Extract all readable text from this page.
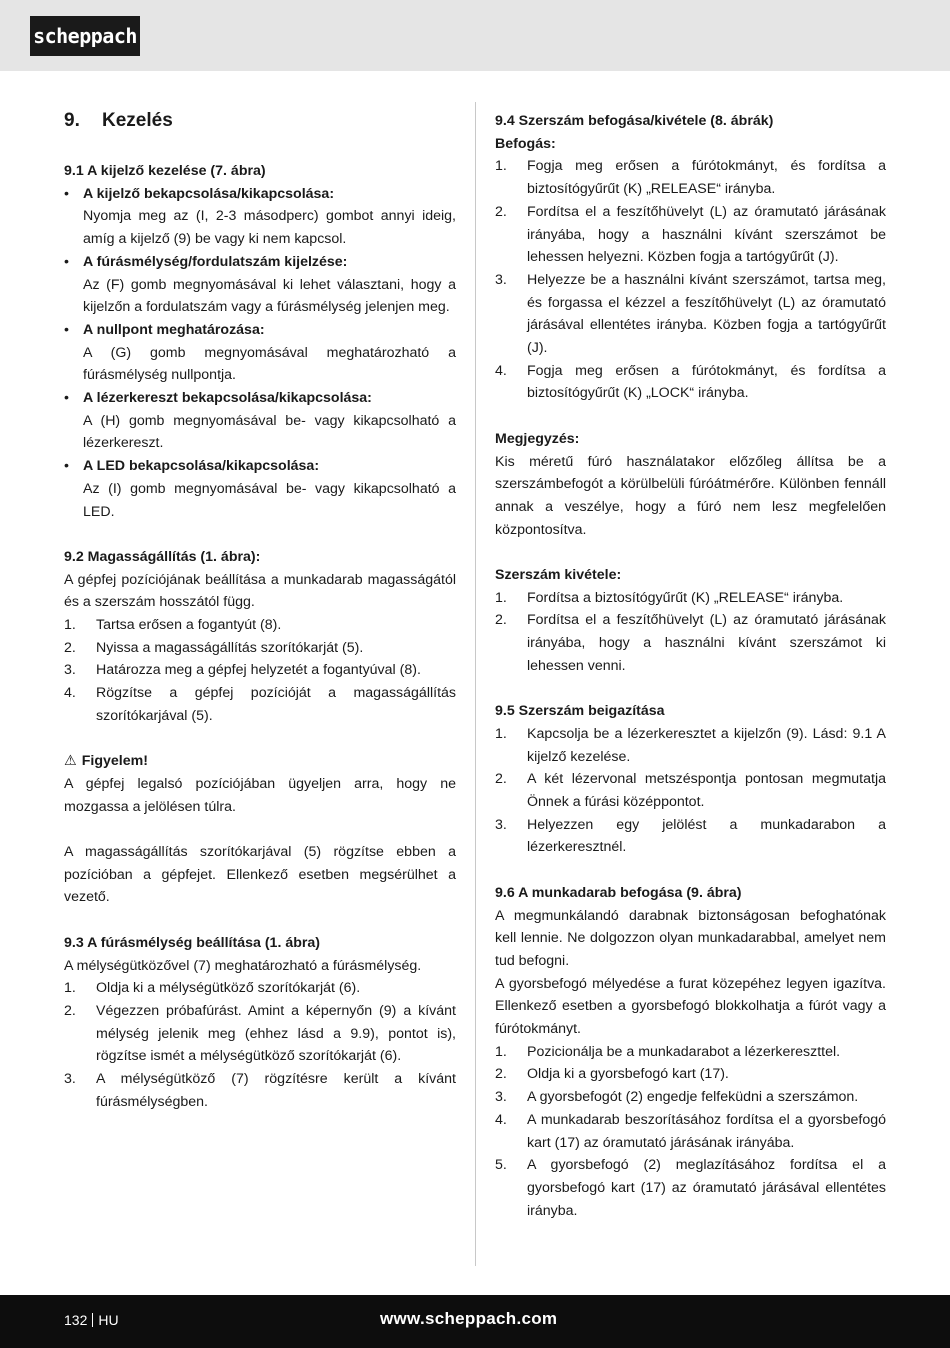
scheppach
9. Kezelés
9.1 A kijelző kezelése (7. ábra)
• A kijelző bekapcsolása/kikapcsolása:
Nyomja meg az (I, 2-3 másodperc) gombot annyi ideig, amíg a kijelző (9) be vagy ki nem kapcsol.
• A fúrásmélység/fordulatszám kijelzése:
Az (F) gomb megnyomásával ki lehet választani, hogy a kijelzőn a fordulatszám vagy a fúrásmélység jelenjen meg.
• A nullpont meghatározása:
A (G) gomb megnyomásával meghatározható a fúrásmélység nullpontja.
• A lézerkereszt bekapcsolása/kikapcsolása:
A (H) gomb megnyomásával be- vagy kikapcsolható a lézerkereszt.
• A LED bekapcsolása/kikapcsolása:
Az (I) gomb megnyomásával be- vagy kikapcsolható a LED.
9.2 Magasságállítás (1. ábra):

A gépfej pozíciójának beállítása a munkadarab magasságától és a szerszám hosszától függ.

1. Tartsa erősen a fogantyút (8).
2. Nyissa a magasságállítás szorítókarját (5).
3. Határozza meg a gépfej helyzetét a fogantyúval (8).
4. Rögzítse a gépfej pozícióját a magasságállítás szorítókarjával (5).
⚠ Figyelem!

A gépfej legalsó pozíciójában ügyeljen arra, hogy ne mozgassa a jelölésen túlra.

A magasságállítás szorítókarjával (5) rögzítse ebben a pozícióban a gépfejet. Ellenkező esetben megsérülhet a vezető.

9.3 A fúrásmélység beállítása (1. ábra)

A mélységütközővel (7) meghatározható a fúrásmélység.

1. Oldja ki a mélységütköző szorítókarját (6).
2. Végezzen próbafúrást. Amint a képernyőn (9) a kívánt mélység jelenik meg (ehhez lásd a 9.9), pontot is), rögzítse ismét a mélységütköző szorítókarját (6).
3. A mélységütköző (7) rögzítésre került a kívánt fúrásmélységben.
9.4 Szerszám befogása/kivétele (8. ábrák)
Befogás:
1. Fogja meg erősen a fúrótokmányt, és fordítsa a biztosítógyűrűt (K) „RELEASE“ irányba.
2. Fordítsa el a feszítőhüvelyt (L) az óramutató járásának irányába, hogy a használni kívánt szerszámot be lehessen helyezni. Közben fogja a tartógyűrűt (J).
3. Helyezze be a használni kívánt szerszámot, tartsa meg, és forgassa el kézzel a feszítőhüvelyt (L) az óramutató járásával ellentétes irányba. Közben fogja a tartógyűrűt (J).
4. Fogja meg erősen a fúrótokmányt, és fordítsa a biztosítógyűrűt (K) „LOCK“ irányba.
Megjegyzés:

Kis méretű fúró használatakor előzőleg állítsa be a szerszámbefogót a körülbelüli fúróátmérőre. Különben fennáll annak a veszélye, hogy a fúró nem lesz megfelelően központosítva.

Szerszám kivétele:
1. Fordítsa a biztosítógyűrűt (K) „RELEASE“ irányba.
2. Fordítsa el a feszítőhüvelyt (L) az óramutató járásának irányába, hogy a használni kívánt szerszámot ki lehessen venni.
9.5 Szerszám beigazítása
1. Kapcsolja be a lézerkeresztet a kijelzőn (9). Lásd: 9.1 A kijelző kezelése.
2. A két lézervonal metszéspontja pontosan megmutatja Önnek a fúrási középpontot.
3. Helyezzen egy jelölést a munkadarabon a lézerkeresztnél.
9.6 A munkadarab befogása (9. ábra)

A megmunkálandó darabnak biztonságosan befoghatónak kell lennie. Ne dolgozzon olyan munkadarabbal, amelyet nem tud befogni.

A gyorsbefogó mélyedése a furat közepéhez legyen igazítva. Ellenkező esetben a gyorsbefogó blokkolhatja a fúrót vagy a fúrótokmányt.

1. Pozicionálja be a munkadarabot a lézerkereszttel.
2. Oldja ki a gyorsbefogó kart (17).
3. A gyorsbefogót (2) engedje felfeküdni a szerszámon.
4. A munkadarab beszorításához fordítsa el a gyorsbefogó kart (17) az óramutató járásának irányába.
5. A gyorsbefogó (2) meglazításához fordítsa el a gyorsbefogó kart (17) az óramutató járásával ellentétes irányba.
132 HU	www.scheppach.com
